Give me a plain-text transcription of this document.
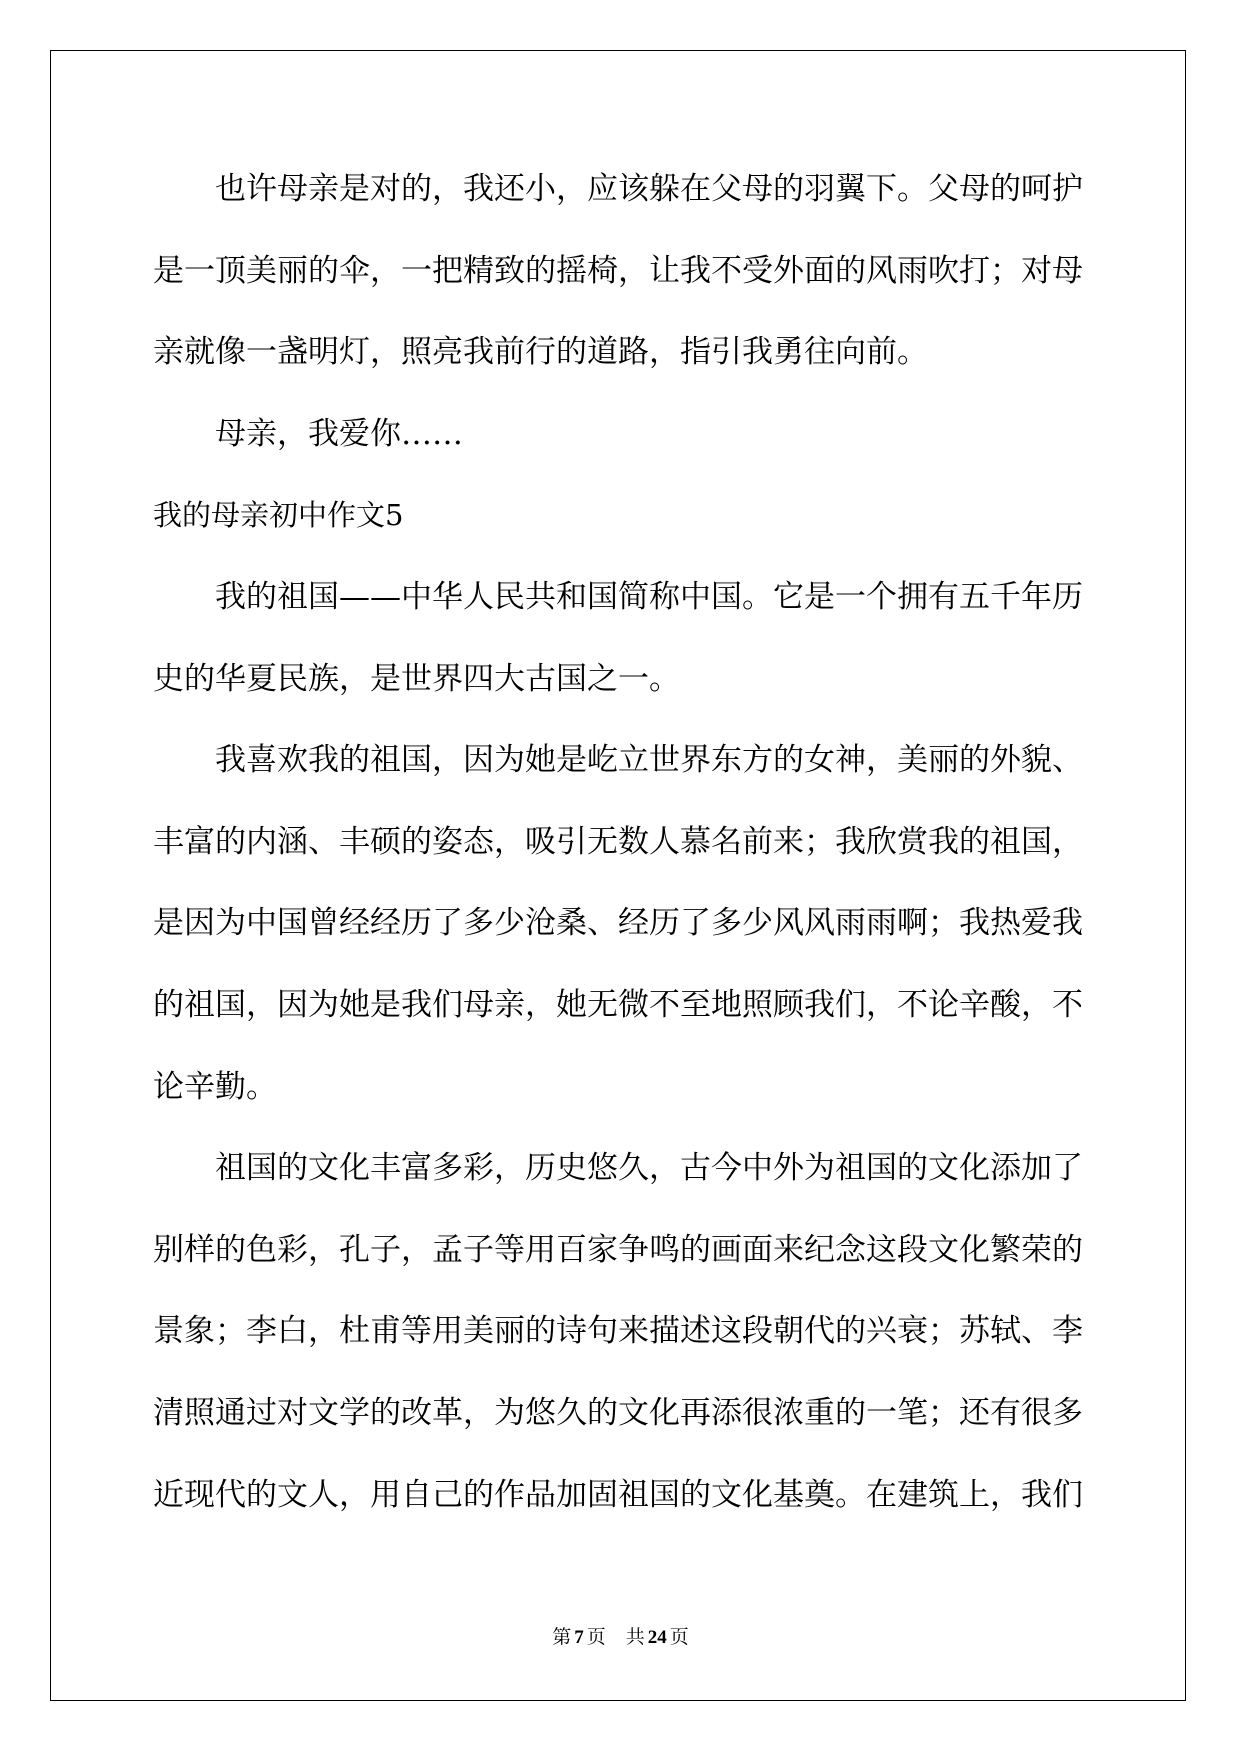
也许母亲是对的，我还小，应该躲在父母的羽翼下。父母的呵护
是一顶美丽的伞，一把精致的摇椅，让我不受外面的风雨吹打；对母
亲就像一盏明灯，照亮我前行的道路，指引我勇往向前。
母亲，我爱你……
我的母亲初中作文5
我的祖国——中华人民共和国简称中国。它是一个拥有五千年历
史的华夏民族，是世界四大古国之一。
我喜欢我的祖国，因为她是屹立世界东方的女神，美丽的外貌、
丰富的内涵、丰硕的姿态，吸引无数人慕名前来；我欣赏我的祖国，
是因为中国曾经经历了多少沧桑、经历了多少风风雨雨啊；我热爱我
的祖国，因为她是我们母亲，她无微不至地照顾我们，不论辛酸，不
论辛勤。
祖国的文化丰富多彩，历史悠久，古今中外为祖国的文化添加了
别样的色彩，孔子，孟子等用百家争鸣的画面来纪念这段文化繁荣的
景象；李白，杜甫等用美丽的诗句来描述这段朝代的兴衰；苏轼、李
清照通过对文学的改革，为悠久的文化再添很浓重的一笔；还有很多
近现代的文人，用自己的作品加固祖国的文化基奠。在建筑上，我们
第 7 页 共 24 页
